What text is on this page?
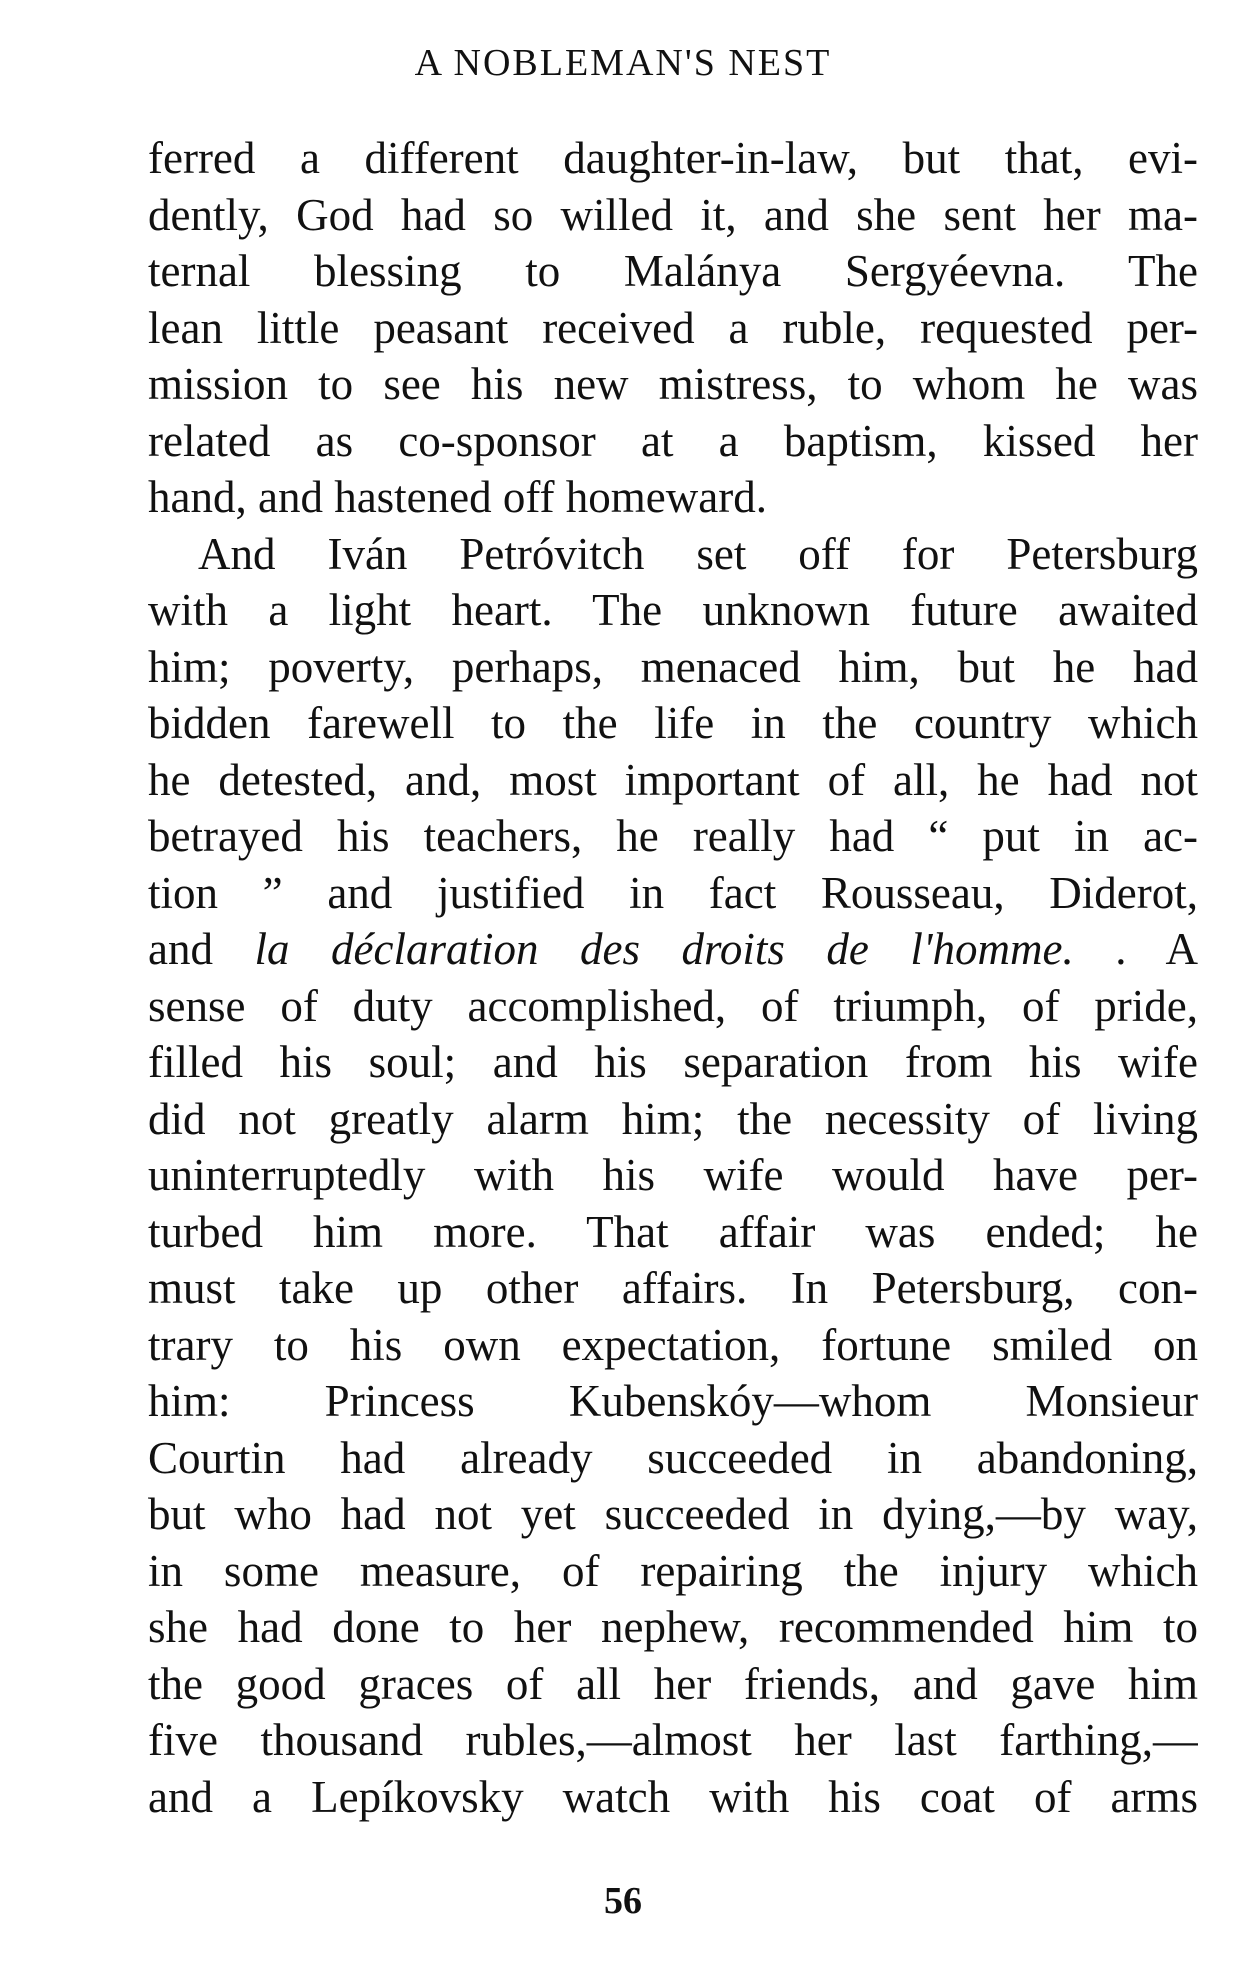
A NOBLEMAN'S NEST
ferred a different daughter-in-law, but that, evi-
dently, God had so willed it, and she sent her ma-
ternal blessing to Malánya Sergyéevna. The
lean little peasant received a ruble, requested per-
mission to see his new mistress, to whom he was
related as co-sponsor at a baptism, kissed her
hand, and hastened off homeward.
And Iván Petróvitch set off for Petersburg
with a light heart. The unknown future awaited
him; poverty, perhaps, menaced him, but he had
bidden farewell to the life in the country which
he detested, and, most important of all, he had not
betrayed his teachers, he really had “ put in ac-
tion ” and justified in fact Rousseau, Diderot,
and la déclaration des droits de l'homme. . A
sense of duty accomplished, of triumph, of pride,
filled his soul; and his separation from his wife
did not greatly alarm him; the necessity of living
uninterruptedly with his wife would have per-
turbed him more. That affair was ended; he
must take up other affairs. In Petersburg, con-
trary to his own expectation, fortune smiled on
him: Princess Kubenskóy—whom Monsieur
Courtin had already succeeded in abandoning,
but who had not yet succeeded in dying,—by way,
in some measure, of repairing the injury which
she had done to her nephew, recommended him to
the good graces of all her friends, and gave him
five thousand rubles,—almost her last farthing,—
and a Lepíkovsky watch with his coat of arms
56
